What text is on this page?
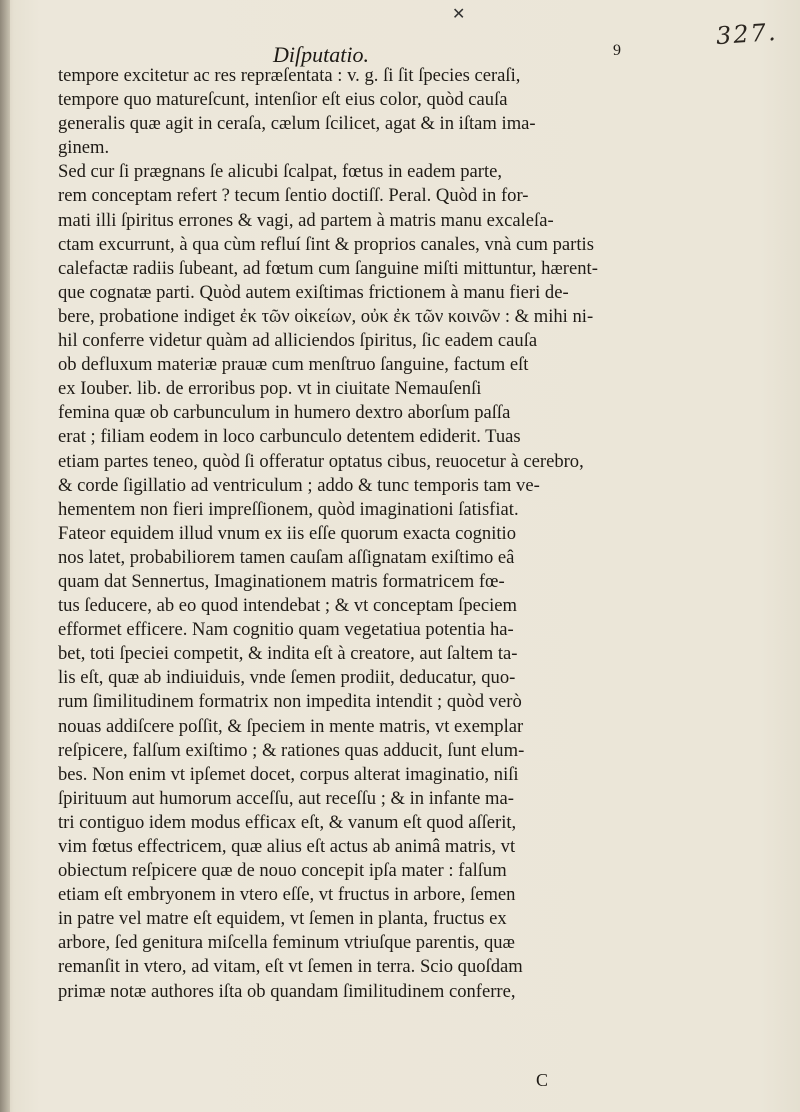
✕
327.
Diſputatio.	9
tempore excitetur ac res repræſentata : v. g. ſi ſit ſpecies ceraſi,
tempore quo matureſcunt, intenſior eſt eius color, quòd cauſa
generalis quæ agit in ceraſa, cælum ſcilicet, agat & in iſtam ima-
ginem.
Sed cur ſi prægnans ſe alicubi ſcalpat, fœtus in eadem parte,
rem conceptam refert ? tecum ſentio doctiſſ. Peral. Quòd in for-
mati illi ſpiritus errones & vagi, ad partem à matris manu excaleſa-
ctam excurrunt, à qua cùm refluí ſint & proprios canales, vnà cum partis
calefactæ radiis ſubeant, ad fœtum cum ſanguine miſti mittuntur, hærent-
que cognatæ parti. Quòd autem exiſtimas frictionem à manu fieri de-
bere, probatione indiget ἐκ τῶν οἰκείων, οὐκ ἐκ τῶν κοινῶν : & mihi ni-
hil conferre videtur quàm ad alliciendos ſpiritus, ſic eadem cauſa
ob defluxum materiæ prauæ cum menſtruo ſanguine, factum eſt
ex Iouber. lib. de erroribus pop. vt in ciuitate Nemauſenſi
femina quæ ob carbunculum in humero dextro aborſum paſſa
erat ; filiam eodem in loco carbunculo detentem ediderit. Tuas
etiam partes teneo, quòd ſi offeratur optatus cibus, reuocetur à cerebro,
& corde ſigillatio ad ventriculum ; addo & tunc temporis tam ve-
hementem non fieri impreſſionem, quòd imaginationi ſatisfiat.
Fateor equidem illud vnum ex iis eſſe quorum exacta cognitio
nos latet, probabiliorem tamen cauſam aſſignatam exiſtimo eâ
quam dat Sennertus, Imaginationem matris formatricem fœ-
tus ſeducere, ab eo quod intendebat ; & vt conceptam ſpeciem
efformet efficere. Nam cognitio quam vegetatiua potentia ha-
bet, toti ſpeciei competit, & indita eſt à creatore, aut ſaltem ta-
lis eſt, quæ ab indiuiduis, vnde ſemen prodiit, deducatur, quo-
rum ſimilitudinem formatrix non impedita intendit ; quòd verò
nouas addiſcere poſſit, & ſpeciem in mente matris, vt exemplar
reſpicere, falſum exiſtimo ; & rationes quas adducit, ſunt elum-
bes. Non enim vt ipſemet docet, corpus alterat imaginatio, niſi
ſpirituum aut humorum acceſſu, aut receſſu ; & in infante ma-
tri contiguo idem modus efficax eſt, & vanum eſt quod aſſerit,
vim fœtus effectricem, quæ alius eſt actus ab animâ matris, vt
obiectum reſpicere quæ de nouo concepit ipſa mater : falſum
etiam eſt embryonem in vtero eſſe, vt fructus in arbore, ſemen
in patre vel matre eſt equidem, vt ſemen in planta, fructus ex
arbore, ſed genitura miſcella feminum vtriuſque parentis, quæ
remanſit in vtero, ad vitam, eſt vt ſemen in terra. Scio quoſdam
primæ notæ authores iſta ob quandam ſimilitudinem conferre,
C
